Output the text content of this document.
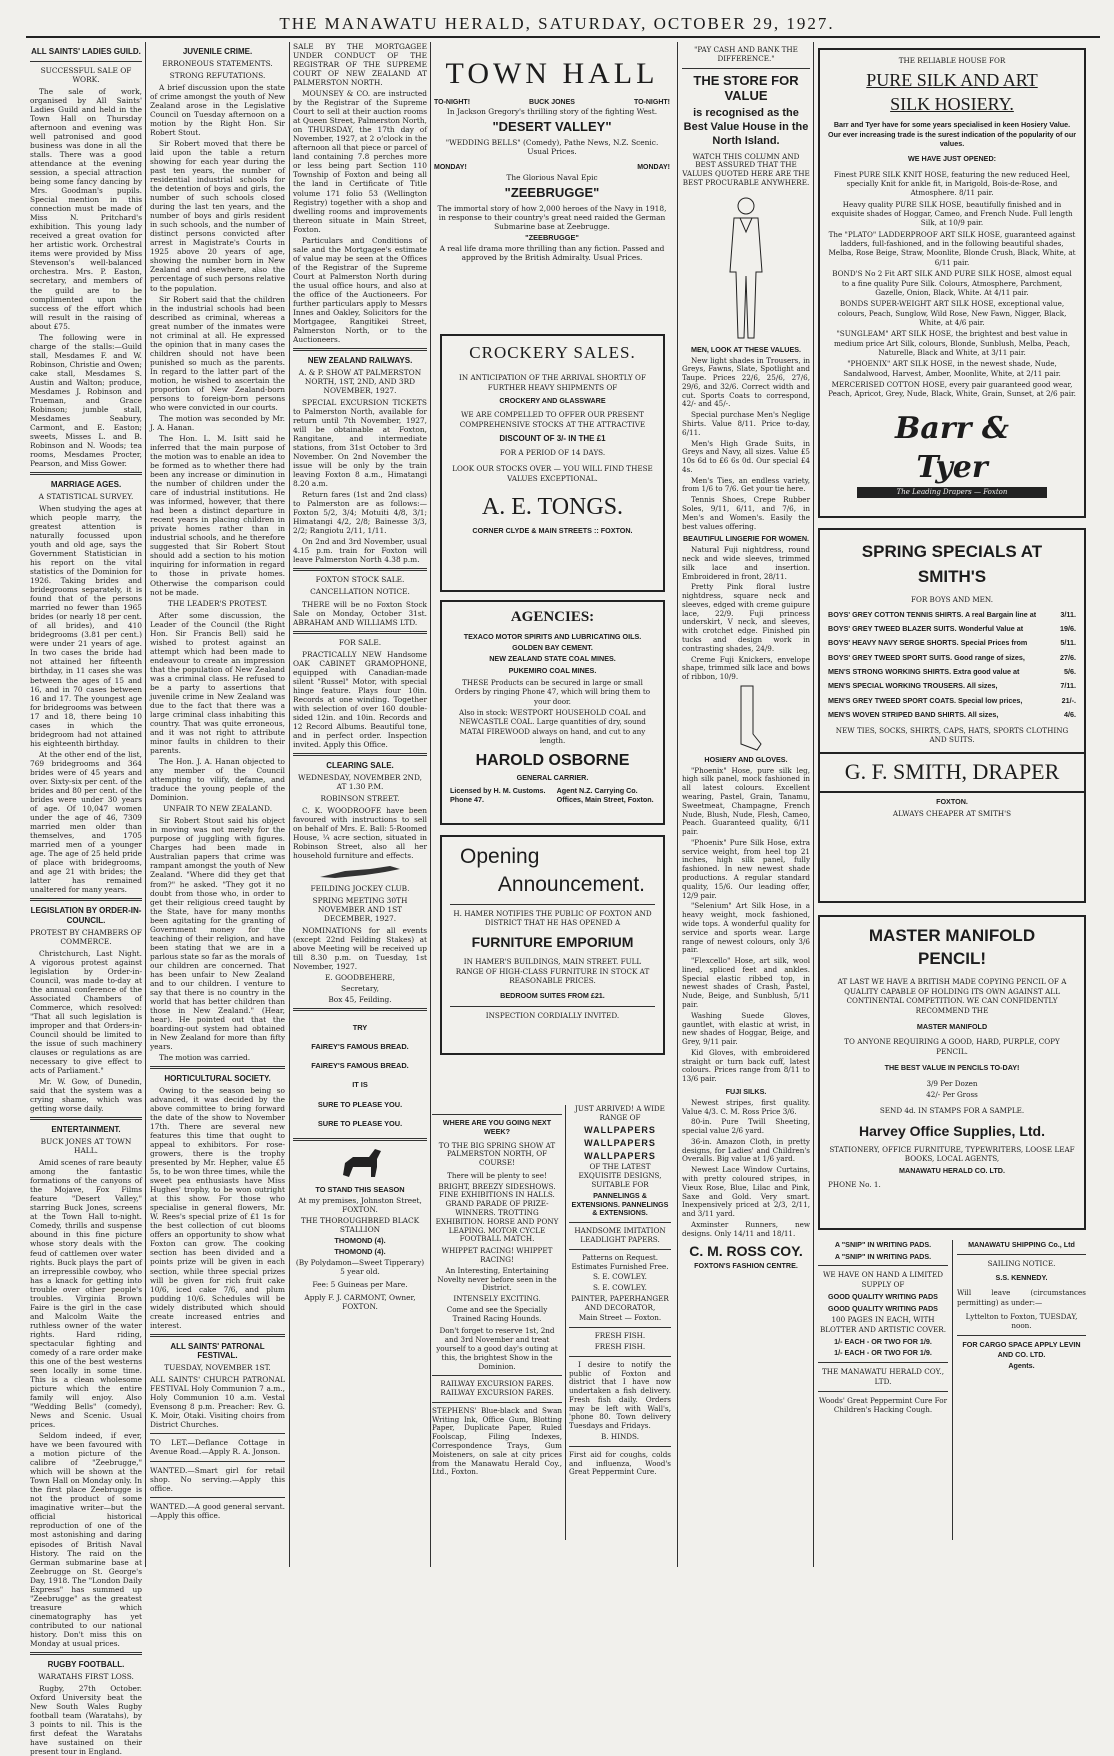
THE MANAWATU HERALD, SATURDAY, OCTOBER 29, 1927.
ALL SAINTS' LADIES GUILD.
SUCCESSFUL SALE OF WORK.

The sale of work, organised by All Saints' Ladies Guild and held in the Town Hall on Thursday afternoon and evening was well patronised and good business was done in all the stalls. There was a good attendance at the evening session, a special attraction being some fancy dancing by Mrs. Goodman's pupils. Special mention in this connection must be made of Miss N. Pritchard's exhibition. This young lady received a great ovation for her artistic work. Orchestral items were provided by Miss Stevenson's well-balanced orchestra. Mrs. P. Easton, secretary, and members of the guild are to be complimented upon the success of the effort which will result in the raising of about £75.

The following were in charge of the stalls:—Guild stall, Mesdames F. and W. Robinson, Christie and Owen; cake stall, Mesdames S. Austin and Walton; produce, Mesdames J. Robinson and Trueman, and Grace Robinson; jumble stall, Mesdames Seabury, Carmont, and E. Easton; sweets, Misses L. and B. Robinson and N. Woods; tea rooms, Mesdames Procter, Pearson, and Miss Gower.

MARRIAGE AGES.
A STATISTICAL SURVEY.

When studying the ages at which people marry, the greatest attention is naturally focussed upon youth and old age, says the Government Statistician in his report on the vital statistics of the Dominion for 1926. Taking brides and bridegrooms separately, it is found that of the persons married no fewer than 1965 brides (or nearly 18 per cent. of all brides), and 410 bridegrooms (3.81 per cent.) were under 21 years of age. In two cases the bride had not attained her fifteenth birthday, in 11 cases she was between the ages of 15 and 16, and in 70 cases between 16 and 17. The youngest age for bridegrooms was between 17 and 18, there being 10 cases in which the bridegroom had not attained his eighteenth birthday.

At the other end of the list, 769 bridegrooms and 364 brides were of 45 years and over. Sixty-six per cent. of the brides and 80 per cent. of the brides were under 30 years of age. Of 10,047 women under the age of 46, 7309 married men older than themselves, and 1705 married men of a younger age. The age of 25 held pride of place with bridegrooms, and age 21 with brides; the latter has remained unaltered for many years.

LEGISLATION BY ORDER-IN-COUNCIL.
PROTEST BY CHAMBERS OF COMMERCE.

Christchurch, Last Night. A vigorous protest against legislation by Order-in-Council, was made to-day at the annual conference of the Associated Chambers of Commerce, which resolved: "That all such legislation is improper and that Orders-in-Council should be limited to the issue of such machinery clauses or regulations as are necessary to give effect to acts of Parliament."

Mr. W. Gow, of Dunedin, said that the system was a crying shame, which was getting worse daily.

ENTERTAINMENT.
BUCK JONES AT TOWN HALL.

Amid scenes of rare beauty among the fantastic formations of the canyons of the Mojave, Fox Films feature "Desert Valley," starring Buck Jones, screens at the Town Hall to-night. Comedy, thrills and suspense abound in this fine picture whose story deals with the feud of cattlemen over water rights. Buck plays the part of an irrepressible cowboy, who has a knack for getting into trouble over other people's troubles. Virginia Brown Faire is the girl in the case and Malcolm Waite the ruthless owner of the water rights. Hard riding, spectacular fighting and comedy of a rare order make this one of the best westerns seen locally in some time. This is a clean wholesome picture which the entire family will enjoy. Also "Wedding Bells" (comedy), News and Scenic. Usual prices.

Seldom indeed, if ever, have we been favoured with a motion picture of the calibre of "Zeebrugge," which will be shown at the Town Hall on Monday only. In the first place Zeebrugge is not the product of some imaginative writer—but the official historical reproduction of one of the most astonishing and daring episodes of British Naval History. The raid on the German submarine base at Zeebrugge on St. George's Day, 1918. The "London Daily Express" has summed up "Zeebrugge" as the greatest treasure which cinematography has yet contributed to our national history. Don't miss this on Monday at usual prices.

RUGBY FOOTBALL.
WARATAHS FIRST LOSS.

Rugby, 27th October. Oxford University beat the New South Wales Rugby football team (Waratahs), by 3 points to nil. This is the first defeat the Waratahs have sustained on their present tour in England.

JUVENILE CRIME.
ERRONEOUS STATEMENTS.
STRONG REFUTATIONS.

A brief discussion upon the state of crime amongst the youth of New Zealand arose in the Legislative Council on Tuesday afternoon on a motion by the Right Hon. Sir Robert Stout.

Sir Robert moved that there be laid upon the table a return showing for each year during the past ten years, the number of residential industrial schools for the detention of boys and girls, the number of such schools closed during the last ten years, and the number of boys and girls resident in such schools, and the number of distinct persons convicted after arrest in Magistrate's Courts in 1925 above 20 years of age, showing the number born in New Zealand and elsewhere, also the percentage of such persons relative to the population.

Sir Robert said that the children in the industrial schools had been described as criminal, whereas a great number of the inmates were not criminal at all. He expressed the opinion that in many cases the children should not have been punished so much as the parents. In regard to the latter part of the motion, he wished to ascertain the proportion of New Zealand-born persons to foreign-born persons who were convicted in our courts.

The motion was seconded by Mr. J. A. Hanan.

The Hon. L. M. Isitt said he inferred that the main purpose of the motion was to enable an idea to be formed as to whether there had been any increase or diminution in the number of children under the care of industrial institutions. He was informed, however, that there had been a distinct departure in recent years in placing children in private homes rather than in industrial schools, and he therefore suggested that Sir Robert Stout should add a section to his motion inquiring for information in regard to those in private homes. Otherwise the comparison could not be made.

THE LEADER'S PROTEST.

After some discussion, the Leader of the Council (the Right Hon. Sir Francis Bell) said he wished to protest against an attempt which had been made to endeavour to create an impression that the population of New Zealand was a criminal class. He refused to be a party to assertions that juvenile crime in New Zealand was due to the fact that there was a large criminal class inhabiting this country. That was quite erroneous, and it was not right to attribute minor faults in children to their parents.

The Hon. J. A. Hanan objected to any member of the Council attempting to vilify, defame, and traduce the young people of the Dominion.

UNFAIR TO NEW ZEALAND.

Sir Robert Stout said his object in moving was not merely for the purpose of juggling with figures. Charges had been made in Australian papers that crime was rampant amongst the youth of New Zealand. "Where did they get that from?" he asked. "They got it no doubt from those who, in order to get their religious creed taught by the State, have for many months been agitating for the granting of Government money for the teaching of their religion, and have been stating that we are in a parlous state so far as the morals of our children are concerned. That has been unfair to New Zealand and to our children. I venture to say that there is no country in the world that has better children than those in New Zealand." (Hear, hear). He pointed out that the boarding-out system had obtained in New Zealand for more than fifty years.

The motion was carried.

HORTICULTURAL SOCIETY.

Owing to the season being so advanced, it was decided by the above committee to bring forward the date of the show to November 17th. There are several new features this time that ought to appeal to exhibitors. For rose-growers, there is the trophy presented by Mr. Hepher, value £5 5s, to be won three times, while the sweet pea enthusiasts have Miss Hughes' trophy, to be won outright at this show. For those who specialise in general flowers, Mr. W. Rees's special prize of £1 1s for the best collection of cut blooms offers an opportunity to show what Foxton can grow. The cooking section has been divided and a points prize will be given in each section, while three special prizes will be given for rich fruit cake 10/6, iced cake 7/6, and plum pudding 10/6. Schedules will be widely distributed which should create increased entries and interest.

ALL SAINTS' PATRONAL FESTIVAL.
TUESDAY, NOVEMBER 1ST.

ALL SAINTS' CHURCH PATRONAL FESTIVAL Holy Communion 7 a.m., Holy Communion 10 a.m. Vestal Evensong 8 p.m. Preacher: Rev. G. K. Moir, Otaki. Visiting choirs from District Churches.

TO LET.—Deflance Cottage in Avenue Road.—Apply R. A. Jonson.

WANTED.—Smart girl for retail shop. No serving.—Apply this office.

WANTED.—A good general servant.—Apply this office.

SALE BY THE MORTGAGEE UNDER CONDUCT OF THE REGISTRAR OF THE SUPREME COURT OF NEW ZEALAND AT PALMERSTON NORTH.

MOUNSEY & CO. are instructed by the Registrar of the Supreme Court to sell at their auction rooms at Queen Street, Palmerston North, on THURSDAY, the 17th day of November, 1927, at 2 o'clock in the afternoon all that piece or parcel of land containing 7.8 perches more or less being part Section 110 Township of Foxton and being all the land in Certificate of Title volume 171 folio 53 (Wellington Registry) together with a shop and dwelling rooms and improvements thereon situate in Main Street, Foxton.

Particulars and Conditions of sale and the Mortgagee's estimate of value may be seen at the Offices of the Registrar of the Supreme Court at Palmerston North during the usual office hours, and also at the office of the Auctioneers. For further particulars apply to Messrs Innes and Oakley, Solicitors for the Mortgagee, Rangitikei Street, Palmerston North, or to the Auctioneers.

NEW ZEALAND RAILWAYS.
A. & P. SHOW AT PALMERSTON NORTH, 1ST, 2ND, AND 3RD NOVEMBER, 1927.

SPECIAL EXCURSION TICKETS to Palmerston North, available for return until 7th November, 1927, will be obtainable at Foxton, Rangitane, and intermediate stations, from 31st October to 3rd November. On 2nd November the issue will be only by the train leaving Foxton 8 a.m., Himatangi 8.20 a.m.

Return fares (1st and 2nd class) to Palmerston are as follows:—Foxton 5/2, 3/4; Motuiti 4/8, 3/1; Himatangi 4/2, 2/8; Bainesse 3/3, 2/2; Rangiotu 2/11, 1/11.

On 2nd and 3rd November, usual 4.15 p.m. train for Foxton will leave Palmerston North 4.38 p.m.

FOXTON STOCK SALE.
CANCELLATION NOTICE.

THERE will be no Foxton Stock Sale on Monday, October 31st. ABRAHAM AND WILLIAMS LTD.

FOR SALE.

PRACTICALLY NEW Handsome OAK CABINET GRAMOPHONE, equipped with Canadian-made silent "Russel" Motor, with special hinge feature. Plays four 10in. Records at one winding. Together with selection of over 160 double-sided 12in. and 10in. Records and 12 Record Albums. Beautiful tone, and in perfect order. Inspection invited. Apply this Office.

CLEARING SALE.
WEDNESDAY, NOVEMBER 2ND, AT 1.30 P.M.
ROBINSON STREET.

C. K. WOODROOFE have been favoured with instructions to sell on behalf of Mrs. E. Ball: 5-Roomed House, ¼ acre section, situated in Robinson Street, also all her household furniture and effects.

FEILDING JOCKEY CLUB.
SPRING MEETING 30TH NOVEMBER AND 1ST DECEMBER, 1927.

NOMINATIONS for all events (except 22nd Feilding Stakes) at above Meeting will be received up till 8.30 p.m. on Tuesday, 1st November, 1927.

E. GOODBEHERE,

Secretary,

Box 45, Feilding.

TRY

FAIREY'S FAMOUS BREAD.

FAIREY'S FAMOUS BREAD.

IT IS

SURE TO PLEASE YOU.

SURE TO PLEASE YOU.

TO STAND THIS SEASON

At my premises, Johnston Street, FOXTON.

THE THOROUGHBRED BLACK STALLION

THOMOND (4).

THOMOND (4).

(By Polydamon—Sweet Tipperary) 5 year old.

Fee: 5 Guineas per Mare.

Apply F. J. CARMONT, Owner, FOXTON.

TOWN HALL
TO-NIGHT!	BUCK JONES	TO-NIGHT!

In Jackson Gregory's thrilling story of the fighting West.

"DESERT VALLEY"

"WEDDING BELLS" (Comedy), Pathe News, N.Z. Scenic. Usual Prices.

MONDAY!	MONDAY!

The Glorious Naval Epic

"ZEEBRUGGE"

The immortal story of how 2,000 heroes of the Navy in 1918, in response to their country's great need raided the German Submarine base at Zeebrugge.

"ZEEBRUGGE"

A real life drama more thrilling than any fiction. Passed and approved by the British Admiralty. Usual Prices.

CROCKERY SALES.

IN ANTICIPATION OF THE ARRIVAL SHORTLY OF FURTHER HEAVY SHIPMENTS OF

CROCKERY AND GLASSWARE

WE ARE COMPELLED TO OFFER OUR PRESENT COMPREHENSIVE STOCKS AT THE ATTRACTIVE

DISCOUNT OF 3/- IN THE £1

FOR A PERIOD OF 14 DAYS.

LOOK OUR STOCKS OVER — YOU WILL FIND THESE VALUES EXCEPTIONAL.

A. E. TONGS.

CORNER CLYDE & MAIN STREETS :: FOXTON.

AGENCIES:

TEXACO MOTOR SPIRITS AND LUBRICATING OILS.

GOLDEN BAY CEMENT.

NEW ZEALAND STATE COAL MINES.

PUKEMIRO COAL MINES.

THESE Products can be secured in large or small Orders by ringing Phone 47, which will bring them to your door.

Also in stock: WESTPORT HOUSEHOLD COAL and NEWCASTLE COAL. Large quantities of dry, sound MATAI FIREWOOD always on hand, and cut to any length.

HAROLD OSBORNE

GENERAL CARRIER.

Licensed by H. M. Customs. Phone 47.
Agent N.Z. Carrying Co. Offices, Main Street, Foxton.
Opening
Announcement.

H. HAMER NOTIFIES THE PUBLIC OF FOXTON AND DISTRICT THAT HE HAS OPENED A

FURNITURE EMPORIUM

IN HAMER'S BUILDINGS, MAIN STREET. FULL RANGE OF HIGH-CLASS FURNITURE IN STOCK AT REASONABLE PRICES.

BEDROOM SUITES FROM £21.

INSPECTION CORDIALLY INVITED.

WHERE ARE YOU GOING NEXT WEEK?

TO THE BIG SPRING SHOW AT PALMERSTON NORTH, OF COURSE!

There will be plenty to see!

BRIGHT, BREEZY SIDESHOWS. FINE EXHIBITIONS IN HALLS. GRAND PARADE OF PRIZE-WINNERS. TROTTING EXHIBITION. HORSE AND PONY LEAPING. MOTOR CYCLE FOOTBALL MATCH.

WHIPPET RACING! WHIPPET RACING!

An Interesting, Entertaining Novelty never before seen in the District.

INTENSELY EXCITING.

Come and see the Specially Trained Racing Hounds.

Don't forget to reserve 1st, 2nd and 3rd November and treat yourself to a good day's outing at this, the brightest Show in the Dominion.

RAILWAY EXCURSION FARES. RAILWAY EXCURSION FARES.

STEPHENS' Blue-black and Swan Writing Ink, Office Gum, Blotting Paper, Duplicate Paper, Ruled Foolscap, Filing Indexes, Correspondence Trays, Gum Moisteners, on sale at city prices from the Manawatu Herald Coy., Ltd., Foxton.

JUST ARRIVED! A WIDE RANGE OF

WALLPAPERS

WALLPAPERS

WALLPAPERS

OF THE LATEST EXQUISITE DESIGNS, SUITABLE FOR

PANNELINGS & EXTENSIONS. PANNELINGS & EXTENSIONS.

HANDSOME IMITATION LEADLIGHT PAPERS.

Patterns on Request. Estimates Furnished Free.

S. E. COWLEY.

S. E. COWLEY.

PAINTER, PAPERHANGER AND DECORATOR,

Main Street — Foxton.

FRESH FISH.

FRESH FISH.

I desire to notify the public of Foxton and district that I have now undertaken a fish delivery. Fresh fish daily. Orders may be left with Wall's, 'phone 80. Town delivery Tuesdays and Fridays.

B. HINDS.

First aid for coughs, colds and influenza, Wood's Great Peppermint Cure.

"PAY CASH AND BANK THE DIFFERENCE."

THE STORE FOR VALUE

is recognised as the Best Value House in the North Island.

WATCH THIS COLUMN AND BEST ASSURED THAT THE VALUES QUOTED HERE ARE THE BEST PROCURABLE ANYWHERE.

MEN, LOOK AT THESE VALUES.

New light shades in Trousers, in Greys, Fawns, Slate, Spotlight and Taupe. Prices 22/6, 25/6, 27/6, 29/6, and 32/6. Correct width and cut. Sports Coats to correspond, 42/- and 45/-.

Special purchase Men's Neglige Shirts. Value 8/11. Price to-day, 6/11.

Men's High Grade Suits, in Greys and Navy, all sizes. Value £5 10s 6d to £6 6s 0d. Our special £4 4s.

Men's Ties, an endless variety, from 1/6 to 7/6. Get your tie here.

Tennis Shoes, Crepe Rubber Soles, 9/11, 6/11, and 7/6, in Men's and Women's. Easily the best values offering.

BEAUTIFUL LINGERIE FOR WOMEN.

Natural Fuji nightdress, round neck and wide sleeves, trimmed silk lace and insertion. Embroidered in front, 28/11.

Pretty Pink floral lustre nightdress, square neck and sleeves, edged with creme guipure lace, 22/9. Fuji princess underskirt, V neck, and sleeves, with crotchet edge. Finished pin tucks and design work in contrasting shades, 24/9.

Creme Fuji Knickers, envelope shape, trimmed silk lace and bows of ribbon, 10/9.

HOSIERY AND GLOVES.

"Phoenix" Hose, pure silk leg, high silk panel, mock fashioned in all latest colours. Excellent wearing, Pastel, Grain, Tanamu, Sweetmeat, Champagne, French Nude, Blush, Nude, Flesh, Cameo, Peach. Guaranteed quality, 6/11 pair.

"Phoenix" Pure Silk Hose, extra service weight, from heel top 21 inches, high silk panel, fully fashioned. In new newest shade productions. A regular standard quality, 15/6. Our leading offer, 12/9 pair.

"Selenium" Art Silk Hose, in a heavy weight, mock fashioned, wide tops. A wonderful quality for service and sports wear. Large range of newest colours, only 3/6 pair.

"Flexcello" Hose, art silk, wool lined, spliced feet and ankles. Special elastic ribbed top, in newest shades of Crash, Pastel, Nude, Beige, and Sunblush, 5/11 pair.

Washing Suede Gloves, gauntlet, with elastic at wrist, in new shades of Hoggar, Beige, and Grey, 9/11 pair.

Kid Gloves, with embroidered straight or turn back cuff, latest colours. Prices range from 8/11 to 13/6 pair.

FUJI SILKS.

Newest stripes, first quality. Value 4/3. C. M. Ross Price 3/6.

80-in. Pure Twill Sheeting, special value 2/6 yard.

36-in. Amazon Cloth, in pretty designs, for Ladies' and Children's Overalls. Big value at 1/6 yard.

Newest Lace Window Curtains, with pretty coloured stripes, in Vieux Rose, Blue, Lilac and Pink, Saxe and Gold. Very smart. Inexpensively priced at 2/3, 2/11, and 3/11 yard.

Axminster Runners, new designs. Only 14/11 and 18/11.

C. M. ROSS COY.

FOXTON'S FASHION CENTRE.

THE RELIABLE HOUSE FOR

PURE SILK AND ART SILK HOSIERY.

Barr and Tyer have for some years specialised in keen Hosiery Value. Our ever increasing trade is the surest indication of the popularity of our values.

WE HAVE JUST OPENED:

Finest PURE SILK KNIT HOSE, featuring the new reduced Heel, specially Knit for ankle fit, in Marigold, Bois-de-Rose, and Atmosphere. 8/11 pair.

Heavy quality PURE SILK HOSE, beautifully finished and in exquisite shades of Hoggar, Cameo, and French Nude. Full length Silk, at 10/9 pair.

The "PLATO" LADDERPROOF ART SILK HOSE, guaranteed against ladders, full-fashioned, and in the following beautiful shades, Melba, Rose Beige, Straw, Moonlite, Blonde Crush, Black, White, at 6/11 pair.

BOND'S No 2 Fit ART SILK AND PURE SILK HOSE, almost equal to a fine quality Pure Silk. Colours, Atmosphere, Parchment, Gazelle, Onion, Black, White. At 4/11 pair.

BONDS SUPER-WEIGHT ART SILK HOSE, exceptional value, colours, Peach, Sunglow, Wild Rose, New Fawn, Nigger, Black, White, at 4/6 pair.

"SUNGLEAM" ART SILK HOSE, the brightest and best value in medium price Art Silk, colours, Blonde, Sunblush, Melba, Peach, Naturelle, Black and White, at 3/11 pair.

"PHOENIX" ART SILK HOSE, in the newest shade, Nude, Sandalwood, Harvest, Amber, Moonlite, White, at 2/11 pair.

MERCERISED COTTON HOSE, every pair guaranteed good wear, Peach, Apricot, Grey, Nude, Black, White, Grain, Sunset, at 2/6 pair.

Barr & Tyer
The Leading Drapers — Foxton
SPRING SPECIALS AT SMITH'S

FOR BOYS AND MEN.

BOYS' GREY COTTON TENNIS SHIRTS. A real Bargain line at	3/11.
BOYS' GREY TWEED BLAZER SUITS. Wonderful Value at	19/6.
BOYS' HEAVY NAVY SERGE SHORTS. Special Prices from	5/11.
BOYS' GREY TWEED SPORT SUITS. Good range of sizes,	27/6.
MEN'S STRONG WORKING SHIRTS. Extra good value at	5/6.
MEN'S SPECIAL WORKING TROUSERS. All sizes,	7/11.
MEN'S GREY TWEED SPORT COATS. Special low prices,	21/-.
MEN'S WOVEN STRIPED BAND SHIRTS. All sizes,	4/6.

NEW TIES, SOCKS, SHIRTS, CAPS, HATS, SPORTS CLOTHING AND SUITS.

G. F. SMITH, DRAPER

FOXTON.

ALWAYS CHEAPER AT SMITH'S

MASTER MANIFOLD PENCIL!

AT LAST WE HAVE A BRITISH MADE COPYING PENCIL OF A QUALITY CAPABLE OF HOLDING ITS OWN AGAINST ALL CONTINENTAL COMPETITION. WE CAN CONFIDENTLY RECOMMEND THE

MASTER MANIFOLD

TO ANYONE REQUIRING A GOOD, HARD, PURPLE, COPY PENCIL.

THE BEST VALUE IN PENCILS TO-DAY!

3/9 Per Dozen

42/- Per Gross

SEND 4d. IN STAMPS FOR A SAMPLE.

Harvey Office Supplies, Ltd.

STATIONERY, OFFICE FURNITURE, TYPEWRITERS, LOOSE LEAF BOOKS, LOCAL AGENTS,

MANAWATU HERALD CO. LTD.

PHONE No. 1.

A "SNIP" IN WRITING PADS.

A "SNIP" IN WRITING PADS.

WE HAVE ON HAND A LIMITED SUPPLY OF

GOOD QUALITY WRITING PADS

GOOD QUALITY WRITING PADS

100 PAGES IN EACH, WITH BLOTTER AND ARTISTIC COVER.

1/- EACH - OR TWO FOR 1/9.

1/- EACH - OR TWO FOR 1/9.

THE MANAWATU HERALD COY., LTD.

Woods' Great Peppermint Cure For Children's Hacking Cough.

MANAWATU SHIPPING Co., Ltd

SAILING NOTICE.

S.S. KENNEDY.

Will leave (circumstances permitting) as under:—

Lyttelton to Foxton, TUESDAY, noon.

FOR CARGO SPACE APPLY LEVIN AND CO. LTD.

Agents.
